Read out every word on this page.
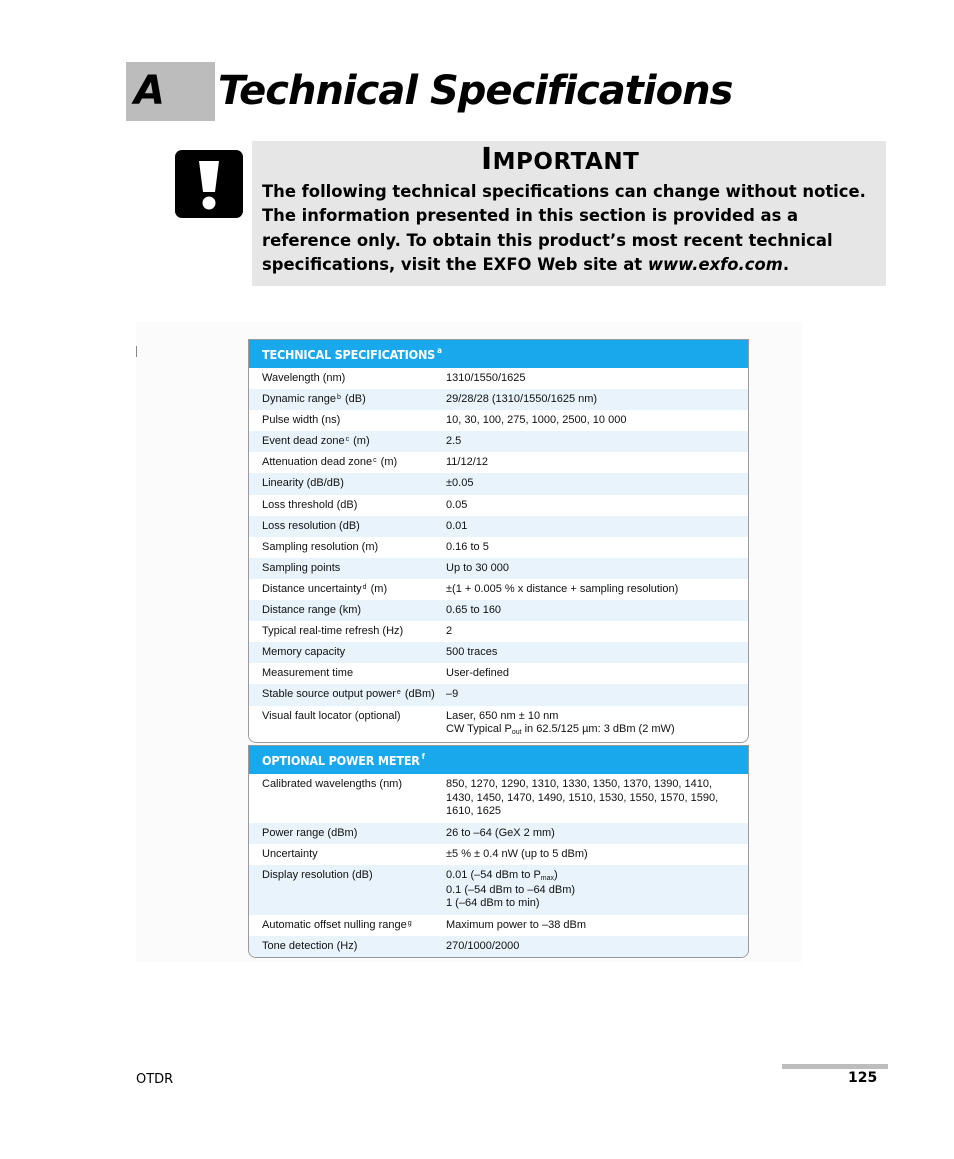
A Technical Specifications
IMPORTANT
The following technical specifications can change without notice. The information presented in this section is provided as a reference only. To obtain this product’s most recent technical specifications, visit the EXFO Web site at www.exfo.com.
TECHNICAL SPECIFICATIONS $^a$
Wavelength (nm)	1310/1550/1625
Dynamic range$^b$ (dB)	29/28/28 (1310/1550/1625 nm)
Pulse width (ns)	10, 30, 100, 275, 1000, 2500, 10 000
Event dead zone$^c$ (m)	2.5
Attenuation dead zone$^c$ (m)	11/12/12
Linearity (dB/dB)	±0.05
Loss threshold (dB)	0.05
Loss resolution (dB)	0.01
Sampling resolution (m)	0.16 to 5
Sampling points	Up to 30 000
Distance uncertainty$^d$ (m)	±(1 + 0.005 % x distance + sampling resolution)
Distance range (km)	0.65 to 160
Typical real-time refresh (Hz)	2
Memory capacity	500 traces
Measurement time	User-defined
Stable source output power$^e$ (dBm)	–9
Visual fault locator (optional)	Laser, 650 nm ± 10 nm
CW Typical $P_{out}$ in 62.5/125 µm: 3 dBm (2 mW)
OPTIONAL POWER METER $^f$
Calibrated wavelengths (nm)	850, 1270, 1290, 1310, 1330, 1350, 1370, 1390, 1410,
1430, 1450, 1470, 1490, 1510, 1530, 1550, 1570, 1590,
1610, 1625
Power range (dBm)	26 to –64 (GeX 2 mm)
Uncertainty	±5 % ± 0.4 nW (up to 5 dBm)
Display resolution (dB)	0.01 (–54 dBm to $P_{max}$)
0.1 (–54 dBm to –64 dBm)
1 (–64 dBm to min)
Automatic offset nulling range$^g$	Maximum power to –38 dBm
Tone detection (Hz)	270/1000/2000
OTDR	125
